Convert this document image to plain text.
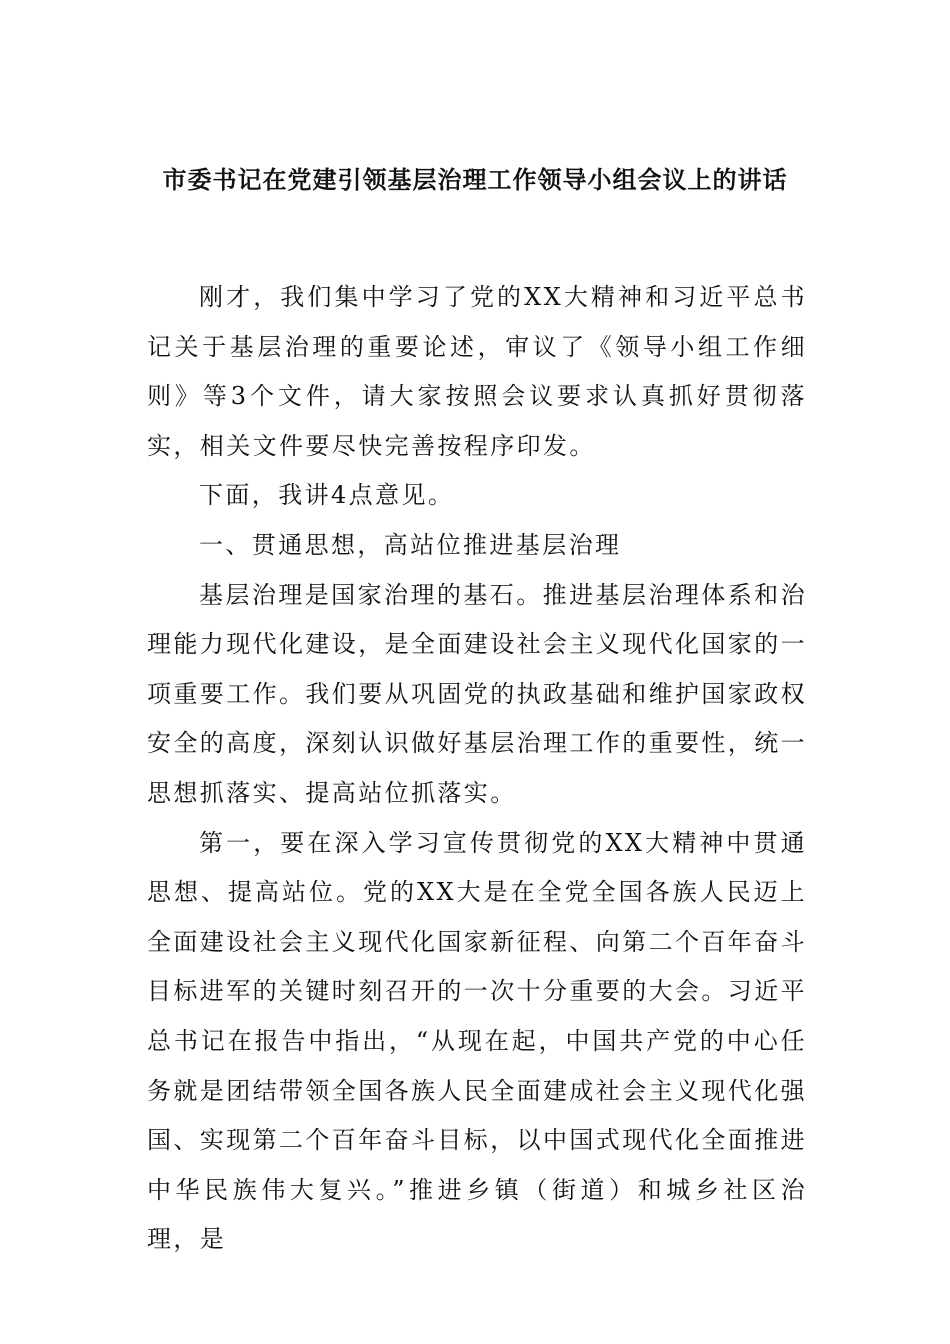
市委书记在党建引领基层治理工作领导小组会议上的讲话

刚才，我们集中学习了党的XX大精神和习近平总书记关于基层治理的重要论述，审议了《领导小组工作细则》等3个文件，请大家按照会议要求认真抓好贯彻落实，相关文件要尽快完善按程序印发。

下面，我讲4点意见。

一、贯通思想，高站位推进基层治理

基层治理是国家治理的基石。推进基层治理体系和治理能力现代化建设，是全面建设社会主义现代化国家的一项重要工作。我们要从巩固党的执政基础和维护国家政权安全的高度，深刻认识做好基层治理工作的重要性，统一思想抓落实、提高站位抓落实。

第一，要在深入学习宣传贯彻党的XX大精神中贯通思想、提高站位。党的XX大是在全党全国各族人民迈上全面建设社会主义现代化国家新征程、向第二个百年奋斗目标进军的关键时刻召开的一次十分重要的大会。习近平总书记在报告中指出，“从现在起，中国共产党的中心任务就是团结带领全国各族人民全面建成社会主义现代化强国、实现第二个百年奋斗目标，以中国式现代化全面推进中华民族伟大复兴。”推进乡镇（街道）和城乡社区治理，是
